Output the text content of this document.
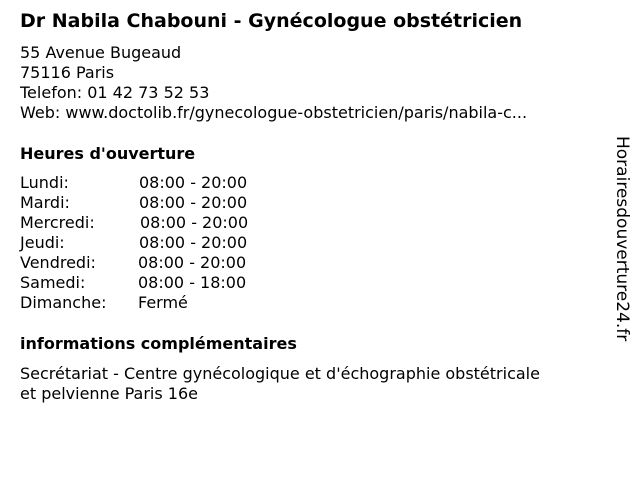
Dr Nabila Chabouni - Gynécologue obstétricien
55 Avenue Bugeaud
75116 Paris
Telefon: 01 42 73 52 53
Web: www.doctolib.fr/gynecologue-obstetricien/paris/nabila-c...
Heures d'ouverture
Lundi:	08:00 - 20:00
Mardi:	08:00 - 20:00
Mercredi:	08:00 - 20:00
Jeudi:	08:00 - 20:00
Vendredi:	08:00 - 20:00
Samedi:	08:00 - 18:00
Dimanche: Fermé
informations complémentaires
Secrétariat - Centre gynécologique et d'échographie obstétricale
et pelvienne Paris 16e
Horairesdouverture24.fr
